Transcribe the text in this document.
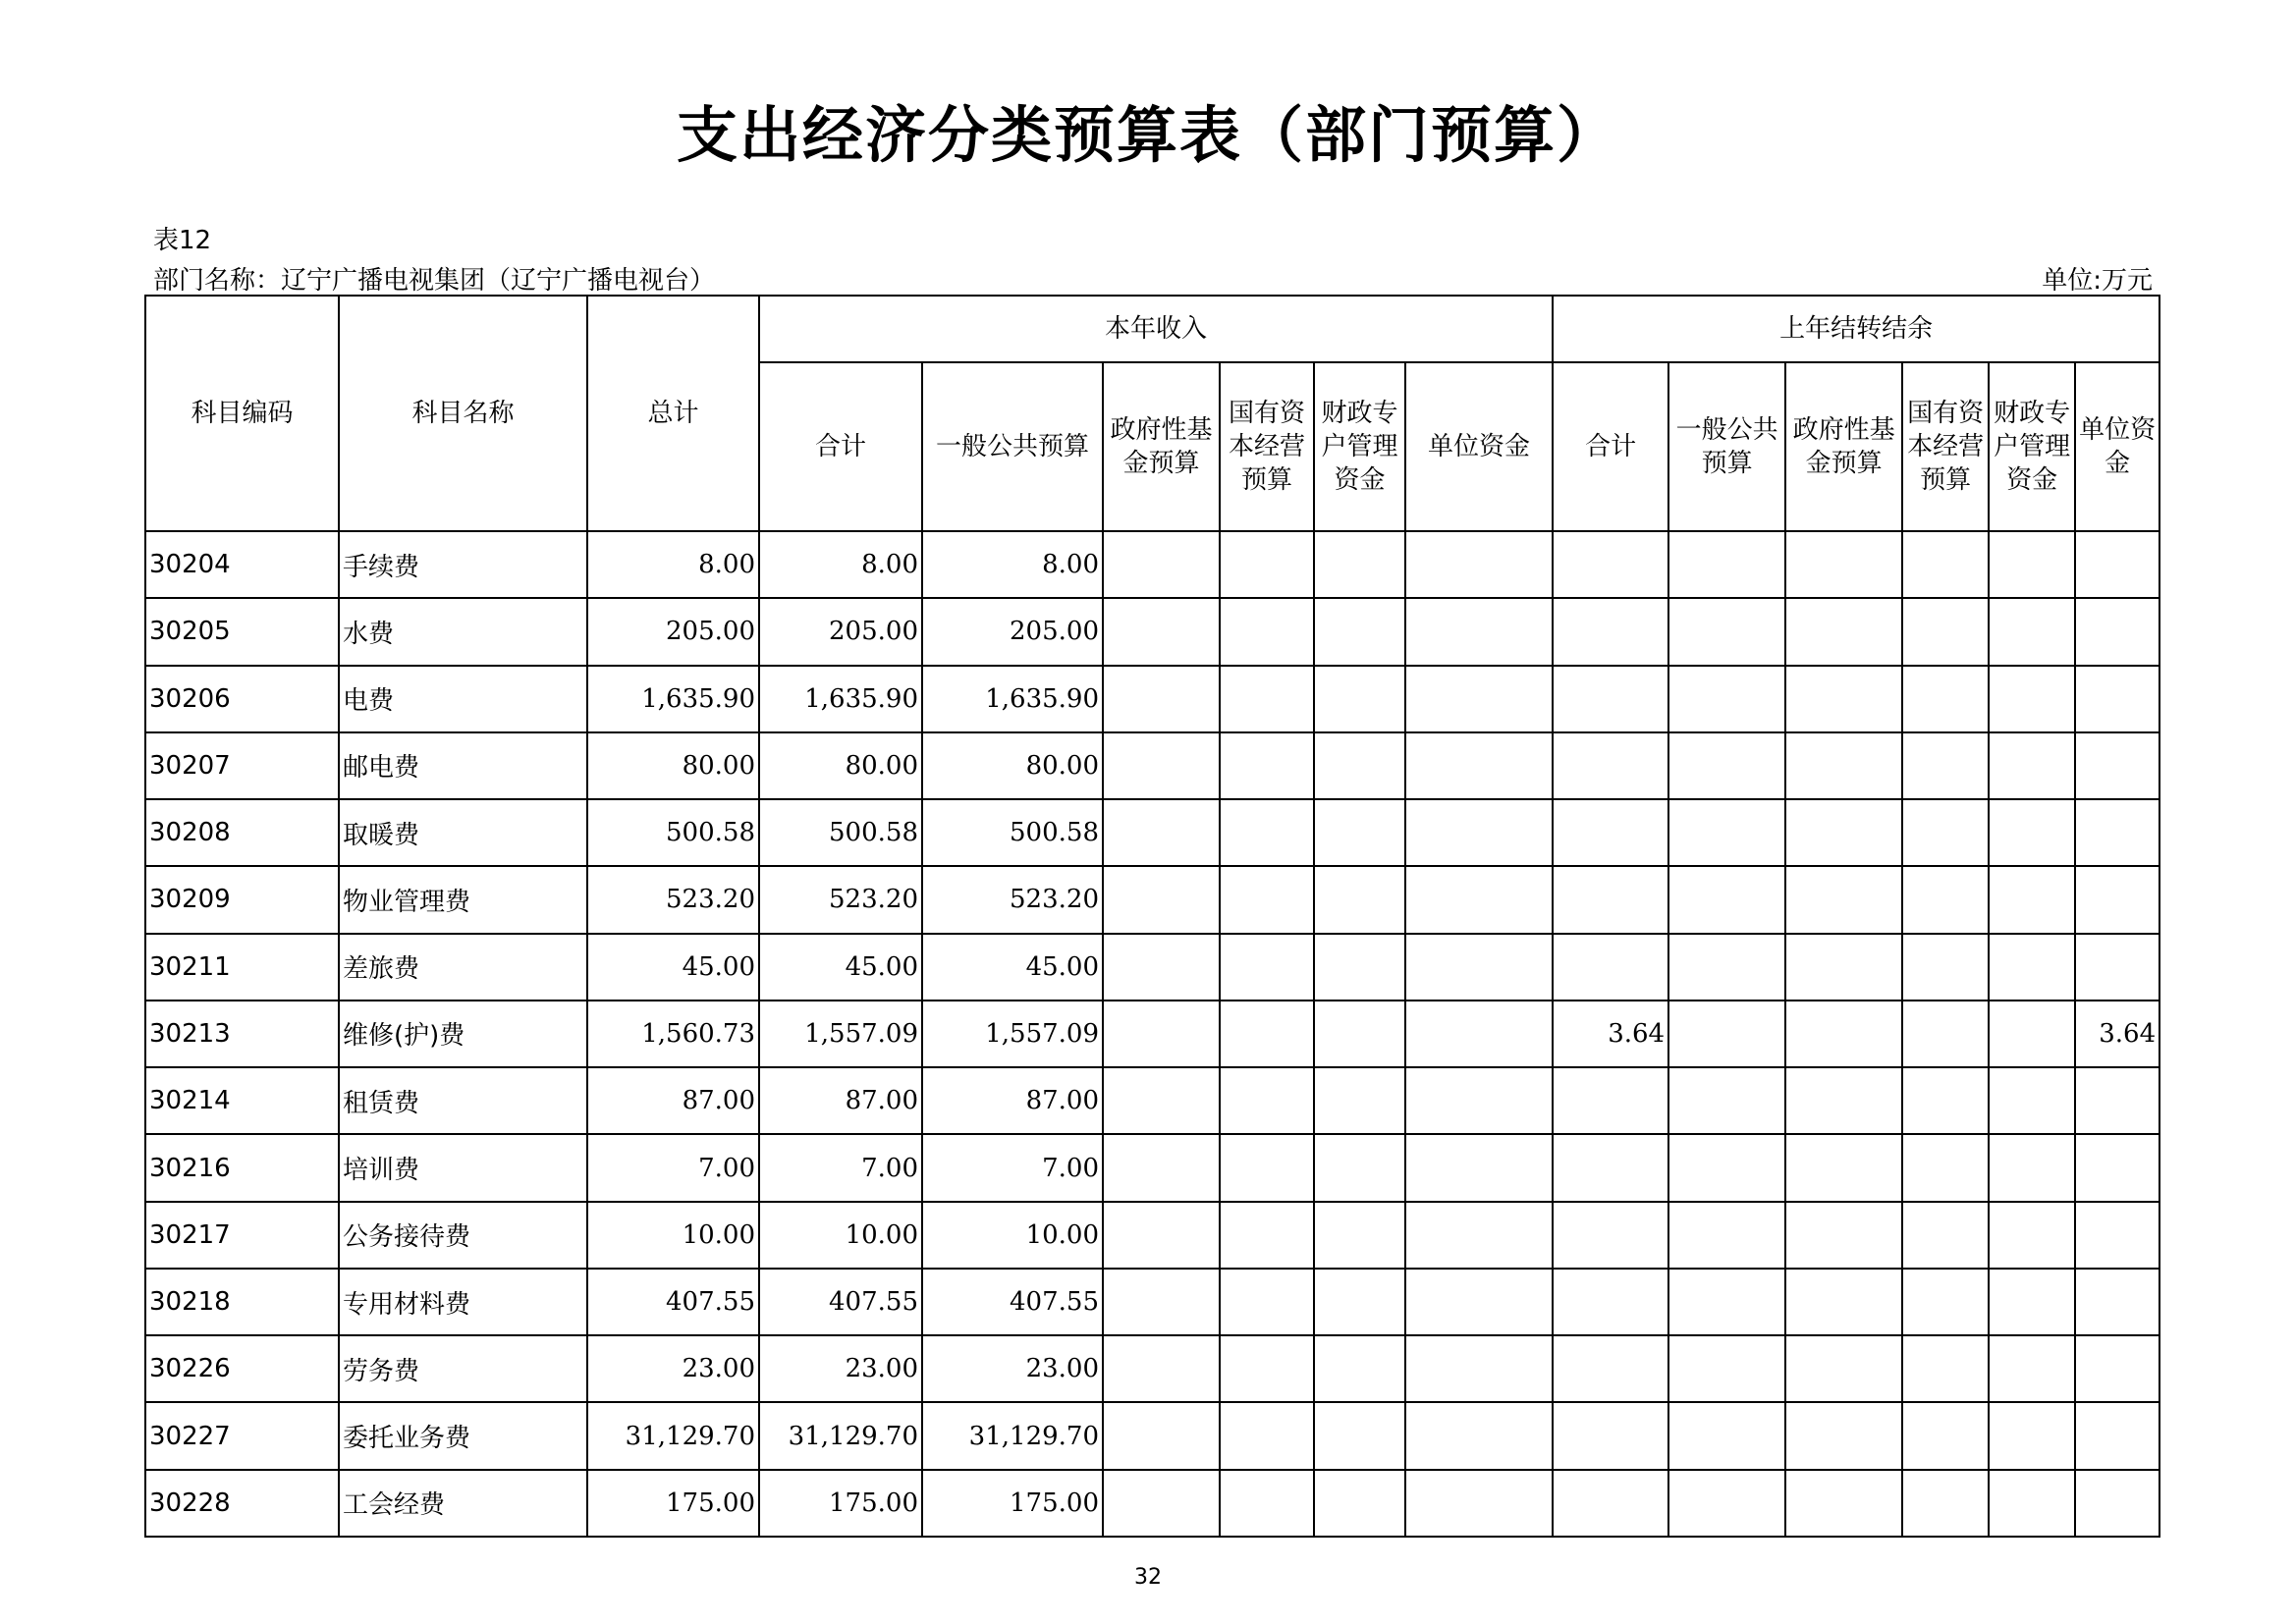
支出经济分类预算表（部门预算）
表12
部门名称：辽宁广播电视集团（辽宁广播电视台）	单位:万元
科目编码	科目名称	总计	本年收入						上年结转结余					
			合计	一般公共预算	政府性基金预算	国有资本经营预算	财政专户管理资金	单位资金	合计	一般公共预算	政府性基金预算	国有资本经营预算	财政专户管理资金	单位资金
30204	手续费	8.00	8.00	8.00										
30205	水费	205.00	205.00	205.00										
30206	电费	1,635.90	1,635.90	1,635.90										
30207	邮电费	80.00	80.00	80.00										
30208	取暖费	500.58	500.58	500.58										
30209	物业管理费	523.20	523.20	523.20										
30211	差旅费	45.00	45.00	45.00										
30213	维修(护)费	1,560.73	1,557.09	1,557.09					3.64					3.64
30214	租赁费	87.00	87.00	87.00										
30216	培训费	7.00	7.00	7.00										
30217	公务接待费	10.00	10.00	10.00										
30218	专用材料费	407.55	407.55	407.55										
30226	劳务费	23.00	23.00	23.00										
30227	委托业务费	31,129.70	31,129.70	31,129.70										
30228	工会经费	175.00	175.00	175.00										
32
